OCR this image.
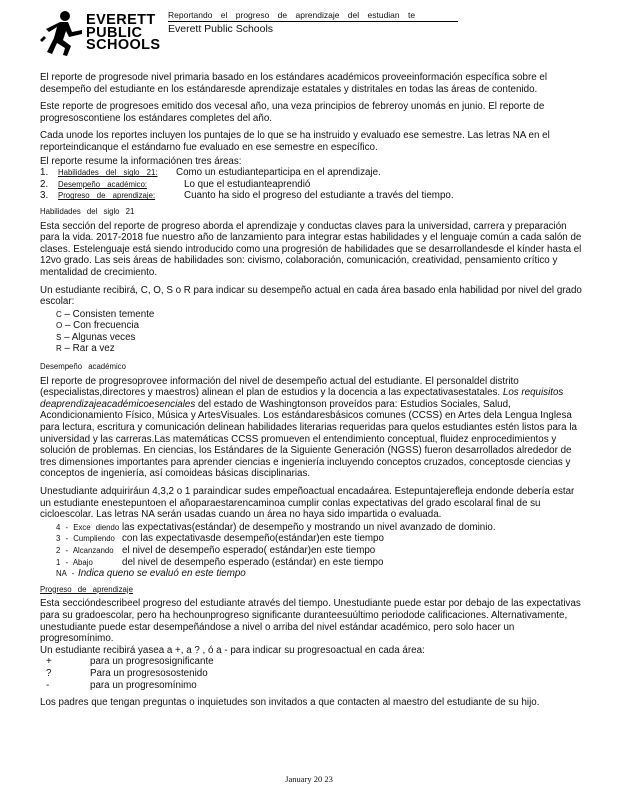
EVERETT
PUBLIC
SCHOOLS
Reportando el progreso de aprendizaje del estudian te
Everett Public Schools

El reporte de progresode nivel primaria basado en los estándares académicos proveeinformación específica sobre el desempeño del estudiante en los estándaresde aprendizaje estatales y distritales en todas las áreas de contenido.

Este reporte de progresoes emitido dos vecesal año, una veza principios de febreroy unomás en junio. El reporte de progresoscontiene los estándares completes del año.

Cada unode los reportes incluyen los puntajes de lo que se ha instruido y evaluado ese semestre. Las letras NA en el reporteindicanque el estándarno fue evaluado en ese semestre en específico.

El reporte resume la informaciónen tres áreas:
1.	Habilidades del siglo 21:	Como un estudianteparticipa en el aprendizaje.
2.	Desempeño académico:	Lo que el estudianteaprendió
3.	Progreso de aprendizaje:	Cuanto ha sido el progreso del estudiante a través del tiempo.
Habilidades del siglo 21

Esta sección del reporte de progreso aborda el aprendizaje y conductas claves para la universidad, carrera y preparación para la vida. 2017-2018 fue nuestro año de lanzamiento para integrar estas habilidades y el lenguaje común a cada salón de clases. Estelenguaje está siendo introducido como una progresión de habilidades que se desarrollandesde el kínder hasta el 12vo grado. Las seis áreas de habilidades son: civismo, colaboración, comunicación, creatividad, pensamiento crítico y mentalidad de crecimiento.

Un estudiante recibirá, C, O, S o R para indicar su desempeño actual en cada área basado enla habilidad por nivel del grado escolar:

C – Consisten temente
O – Con frecuencia
S – Algunas veces
R – Rar a vez
Desempeño académico

El reporte de progresoprovee información del nivel de desempeño actual del estudiante. El personaldel distrito (especialistas,directores y maestros) alinean el plan de estudios y la docencia a las expectativasestatales. Los requisitos deaprendizajeacadémicoesenciales del estado de Washingtonson proveídos para: Estudios Sociales, Salud, Acondicionamiento Físico, Música y ArtesVisuales. Los estándaresbásicos comunes (CCSS) en Artes dela Lengua Inglesa para lectura, escritura y comunicación delinean habilidades literarias requeridas para quelos estudiantes estén listos para la universidad y las carreras.Las matemáticas CCSS promueven el entendimiento conceptual, fluidez enprocedimientos y solución de problemas. En ciencias, los Estándares de la Siguiente Generación (NGSS) fueron desarrollados alrededor de tres dimensiones importantes para aprender ciencias e ingeniería incluyendo conceptos cruzados, conceptosde ciencias y conceptos de ingeniería, así comoideas básicas disciplinarias.

Unestudiante adquiriráun 4,3,2 o 1 paraindicar sudes empeñoactual encadaárea. Estepuntajerefleja endonde debería estar un estudiante enestepuntoen el añoparaestarencaminoa cumplir conlas expectativas del grado escolaral final de su cicloescolar. Las letras NA serán usadas cuando un área no haya sido impartida o evaluada.

4 - Exce diendo las expectativas(estándar) de desempeño y mostrando un nivel avanzado de dominio.
3 - Cumpliendo con las expectativasde desempeño(estándar)en este tiempo
2 - Alcanzando el nivel de desempeño esperado( estándar)en este tiempo
1 - Abajo	del nivel de desempeño esperado (estándar) en este tiempo
NA - Indica queno se evaluó en este tiempo
Progreso de aprendizaje

Esta seccióndescribeel progreso del estudiante através del tiempo. Unestudiante puede estar por debajo de las expectativas para su gradoescolar, pero ha hechounprogreso significante duranteesuúltimo periodode calificaciones. Alternativamente, unestudiante puede estar desempeñándose a nivel o arriba del nivel estándar académico, pero solo hacer un progresomínimo.

Un estudiante recibirá yasea a +, a ? , ó a - para indicar su progresoactual en cada área:
+	para un progresosignificante
?	Para un progresosostenido
-	para un progresomínimo

Los padres que tengan preguntas o inquietudes son invitados a que contacten al maestro del estudiante de su hijo.

January 20 23
